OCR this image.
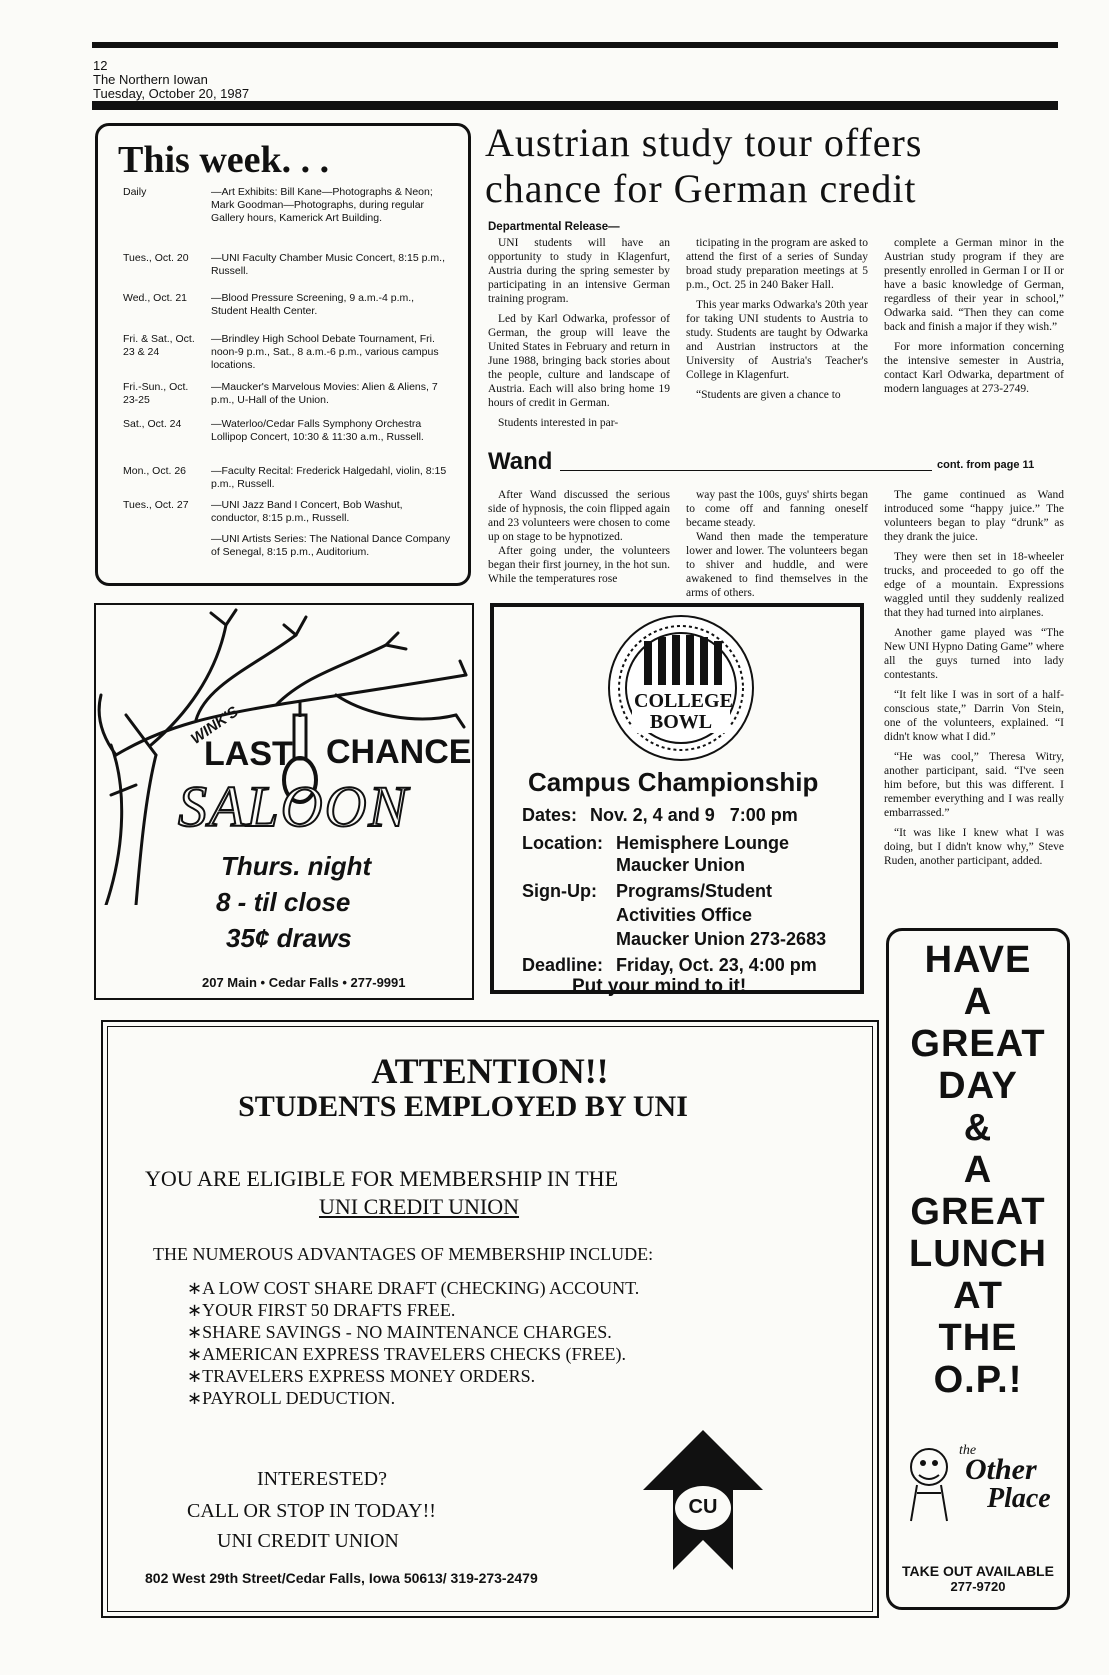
12
The Northern Iowan
Tuesday, October 20, 1987
This week. . .
Daily	—Art Exhibits: Bill Kane—Photographs & Neon; Mark Goodman—Photographs, during regular Gallery hours, Kamerick Art Building.
Tues., Oct. 20	—UNI Faculty Chamber Music Concert, 8:15 p.m., Russell.
Wed., Oct. 21	—Blood Pressure Screening, 9 a.m.-4 p.m., Student Health Center.
Fri. & Sat., Oct. 23 & 24
—Brindley High School Debate Tournament, Fri. noon-9 p.m., Sat., 8 a.m.-6 p.m., various campus locations.
Fri.-Sun., Oct. 23-25
—Maucker's Marvelous Movies: Alien & Aliens, 7 p.m., U-Hall of the Union.
Sat., Oct. 24	—Waterloo/Cedar Falls Symphony Orchestra Lollipop Concert, 10:30 & 11:30 a.m., Russell.
Mon., Oct. 26	—Faculty Recital: Frederick Halgedahl, violin, 8:15 p.m., Russell.
Tues., Oct. 27	—UNI Jazz Band I Concert, Bob Washut, conductor, 8:15 p.m., Russell.
—UNI Artists Series: The National Dance Company of Senegal, 8:15 p.m., Auditorium.
Austrian study tour offers
chance for German credit
Departmental Release—

UNI students will have an opportunity to study in Klagenfurt, Austria during the spring semester by participating in an intensive German training program.

Led by Karl Odwarka, professor of German, the group will leave the United States in February and return in June 1988, bringing back stories about the people, culture and landscape of Austria. Each will also bring home 19 hours of credit in German.

Students interested in par-

ticipating in the program are asked to attend the first of a series of Sunday broad study preparation meetings at 5 p.m., Oct. 25 in 240 Baker Hall.

This year marks Odwarka's 20th year for taking UNI students to Austria to study. Students are taught by Odwarka and Austrian instructors at the University of Austria's Teacher's College in Klagenfurt.

“Students are given a chance to

complete a German minor in the Austrian study program if they are presently enrolled in German I or II or have a basic knowledge of German, regardless of their year in school,” Odwarka said. “Then they can come back and finish a major if they wish.”

For more information concerning the intensive semester in Austria, contact Karl Odwarka, department of modern languages at 273-2749.

Wand	cont. from page 11

After Wand discussed the serious side of hypnosis, the coin flipped again and 23 volunteers were chosen to come up on stage to be hypnotized.

After going under, the volunteers began their first journey, in the hot sun. While the temperatures rose

way past the 100s, guys' shirts began to come off and fanning oneself became steady.

Wand then made the temperature lower and lower. The volunteers began to shiver and huddle, and were awakened to find themselves in the arms of others.

The game continued as Wand introduced some “happy juice.” The volunteers began to play “drunk” as they drank the juice.

They were then set in 18-wheeler trucks, and proceeded to go off the edge of a mountain. Expressions waggled until they suddenly realized that they had turned into airplanes.

Another game played was “The New UNI Hypno Dating Game” where all the guys turned into lady contestants.

“It felt like I was in sort of a half-conscious state,” Darrin Von Stein, one of the volunteers, explained. “I didn't know what I did.”

“He was cool,” Theresa Witry, another participant, said. “I've seen him before, but this was different. I remember everything and I was really embarrassed.”

“It was like I knew what I was doing, but I didn't know why,” Steve Ruden, another participant, added.

WINK'S
LAST CHANCE
SALOON
Thurs. night
8 - til close
35¢ draws
207 Main • Cedar Falls • 277-9991
COLLEGE
BOWL
Campus Championship
Dates: Nov. 2, 4 and 9   7:00 pm
Location: Hemisphere Lounge
Maucker Union
Sign-Up: Programs/Student
Activities Office
Maucker Union 273-2683
Deadline: Friday, Oct. 23, 4:00 pm
Put your mind to it!
ATTENTION!!
STUDENTS EMPLOYED BY UNI
YOU ARE ELIGIBLE FOR MEMBERSHIP IN THE
UNI CREDIT UNION
THE NUMEROUS ADVANTAGES OF MEMBERSHIP INCLUDE:
∗A LOW COST SHARE DRAFT (CHECKING) ACCOUNT.
∗YOUR FIRST 50 DRAFTS FREE.
∗SHARE SAVINGS - NO MAINTENANCE CHARGES.
∗AMERICAN EXPRESS TRAVELERS CHECKS (FREE).
∗TRAVELERS EXPRESS MONEY ORDERS.
∗PAYROLL DEDUCTION.
INTERESTED?
CALL OR STOP IN TODAY!!
UNI CREDIT UNION
CU
802 West 29th Street/Cedar Falls, Iowa 50613/ 319-273-2479
HAVE
A
GREAT
DAY
&
A
GREAT
LUNCH
AT
THE
O.P.!
the
Other
Place
TAKE OUT AVAILABLE
277-9720
